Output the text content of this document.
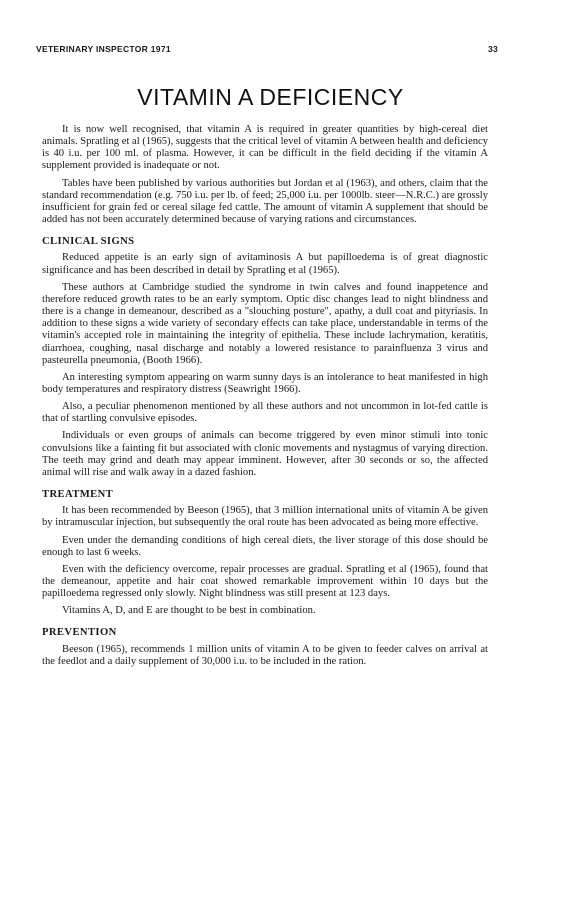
VETERINARY INSPECTOR 1971	33
VITAMIN A DEFICIENCY

It is now well recognised, that vitamin A is required in greater quantities by high-cereal diet animals. Spratling et al (1965), suggests that the critical level of vitamin A between health and deficiency is 40 i.u. per 100 ml. of plasma. However, it can be difficult in the field deciding if the vitamin A supplement provided is inadequate or not.

Tables have been published by various authorities but Jordan et al (1963), and others, claim that the standard recommendation (e.g. 750 i.u. per lb. of feed; 25,000 i.u. per 1000lb. steer—N.R.C.) are grossly insufficient for grain fed or cereal silage fed cattle. The amount of vitamin A supplement that should be added has not been accurately determined because of varying rations and circumstances.

CLINICAL SIGNS

Reduced appetite is an early sign of avitaminosis A but papilloedema is of great diagnostic significance and has been described in detail by Spratling et al (1965).

These authors at Cambridge studied the syndrome in twin calves and found inappetence and therefore reduced growth rates to be an early symptom. Optic disc changes lead to night blindness and there is a change in demeanour, described as a "slouching posture", apathy, a dull coat and pityriasis. In addition to these signs a wide variety of secondary effects can take place, understandable in terms of the vitamin's accepted role in maintaining the integrity of epithelia. These include lachrymation, keratitis, diarrhoea, coughing, nasal discharge and notably a lowered resistance to parainfluenza 3 virus and pasteurella pneumonia, (Booth 1966).

An interesting symptom appearing on warm sunny days is an intolerance to heat manifested in high body temperatures and respiratory distress (Seawright 1966).

Also, a peculiar phenomenon mentioned by all these authors and not uncommon in lot-fed cattle is that of startling convulsive episodes.

Individuals or even groups of animals can become triggered by even minor stimuli into tonic convulsions like a fainting fit but associated with clonic movements and nystagmus of varying direction. The teeth may grind and death may appear imminent. However, after 30 seconds or so, the affected animal will rise and walk away in a dazed fashion.

TREATMENT

It has been recommended by Beeson (1965), that 3 million international units of vitamin A be given by intramuscular injection, but subsequently the oral route has been advocated as being more effective.

Even under the demanding conditions of high cereal diets, the liver storage of this dose should be enough to last 6 weeks.

Even with the deficiency overcome, repair processes are gradual. Spratling et al (1965), found that the demeanour, appetite and hair coat showed remarkable improvement within 10 days but the papilloedema regressed only slowly. Night blindness was still present at 123 days.

Vitamins A, D, and E are thought to be best in combination.

PREVENTION

Beeson (1965), recommends 1 million units of vitamin A to be given to feeder calves on arrival at the feedlot and a daily supplement of 30,000 i.u. to be included in the ration.
